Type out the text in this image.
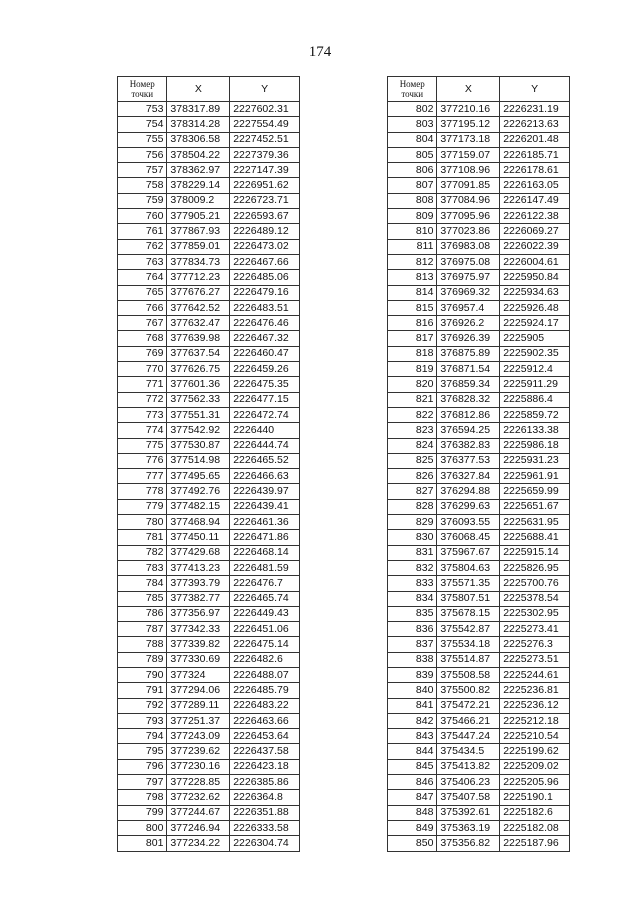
174
Номер
точки	X	Y
753	378317.89	2227602.31
754	378314.28	2227554.49
755	378306.58	2227452.51
756	378504.22	2227379.36
757	378362.97	2227147.39
758	378229.14	2226951.62
759	378009.2	2226723.71
760	377905.21	2226593.67
761	377867.93	2226489.12
762	377859.01	2226473.02
763	377834.73	2226467.66
764	377712.23	2226485.06
765	377676.27	2226479.16
766	377642.52	2226483.51
767	377632.47	2226476.46
768	377639.98	2226467.32
769	377637.54	2226460.47
770	377626.75	2226459.26
771	377601.36	2226475.35
772	377562.33	2226477.15
773	377551.31	2226472.74
774	377542.92	2226440
775	377530.87	2226444.74
776	377514.98	2226465.52
777	377495.65	2226466.63
778	377492.76	2226439.97
779	377482.15	2226439.41
780	377468.94	2226461.36
781	377450.11	2226471.86
782	377429.68	2226468.14
783	377413.23	2226481.59
784	377393.79	2226476.7
785	377382.77	2226465.74
786	377356.97	2226449.43
787	377342.33	2226451.06
788	377339.82	2226475.14
789	377330.69	2226482.6
790	377324	2226488.07
791	377294.06	2226485.79
792	377289.11	2226483.22
793	377251.37	2226463.66
794	377243.09	2226453.64
795	377239.62	2226437.58
796	377230.16	2226423.18
797	377228.85	2226385.86
798	377232.62	2226364.8
799	377244.67	2226351.88
800	377246.94	2226333.58
801	377234.22	2226304.74
Номер
точки	X	Y
802	377210.16	2226231.19
803	377195.12	2226213.63
804	377173.18	2226201.48
805	377159.07	2226185.71
806	377108.96	2226178.61
807	377091.85	2226163.05
808	377084.96	2226147.49
809	377095.96	2226122.38
810	377023.86	2226069.27
811	376983.08	2226022.39
812	376975.08	2226004.61
813	376975.97	2225950.84
814	376969.32	2225934.63
815	376957.4	2225926.48
816	376926.2	2225924.17
817	376926.39	2225905
818	376875.89	2225902.35
819	376871.54	2225912.4
820	376859.34	2225911.29
821	376828.32	2225886.4
822	376812.86	2225859.72
823	376594.25	2226133.38
824	376382.83	2225986.18
825	376377.53	2225931.23
826	376327.84	2225961.91
827	376294.88	2225659.99
828	376299.63	2225651.67
829	376093.55	2225631.95
830	376068.45	2225688.41
831	375967.67	2225915.14
832	375804.63	2225826.95
833	375571.35	2225700.76
834	375807.51	2225378.54
835	375678.15	2225302.95
836	375542.87	2225273.41
837	375534.18	2225276.3
838	375514.87	2225273.51
839	375508.58	2225244.61
840	375500.82	2225236.81
841	375472.21	2225236.12
842	375466.21	2225212.18
843	375447.24	2225210.54
844	375434.5	2225199.62
845	375413.82	2225209.02
846	375406.23	2225205.96
847	375407.58	2225190.1
848	375392.61	2225182.6
849	375363.19	2225182.08
850	375356.82	2225187.96
